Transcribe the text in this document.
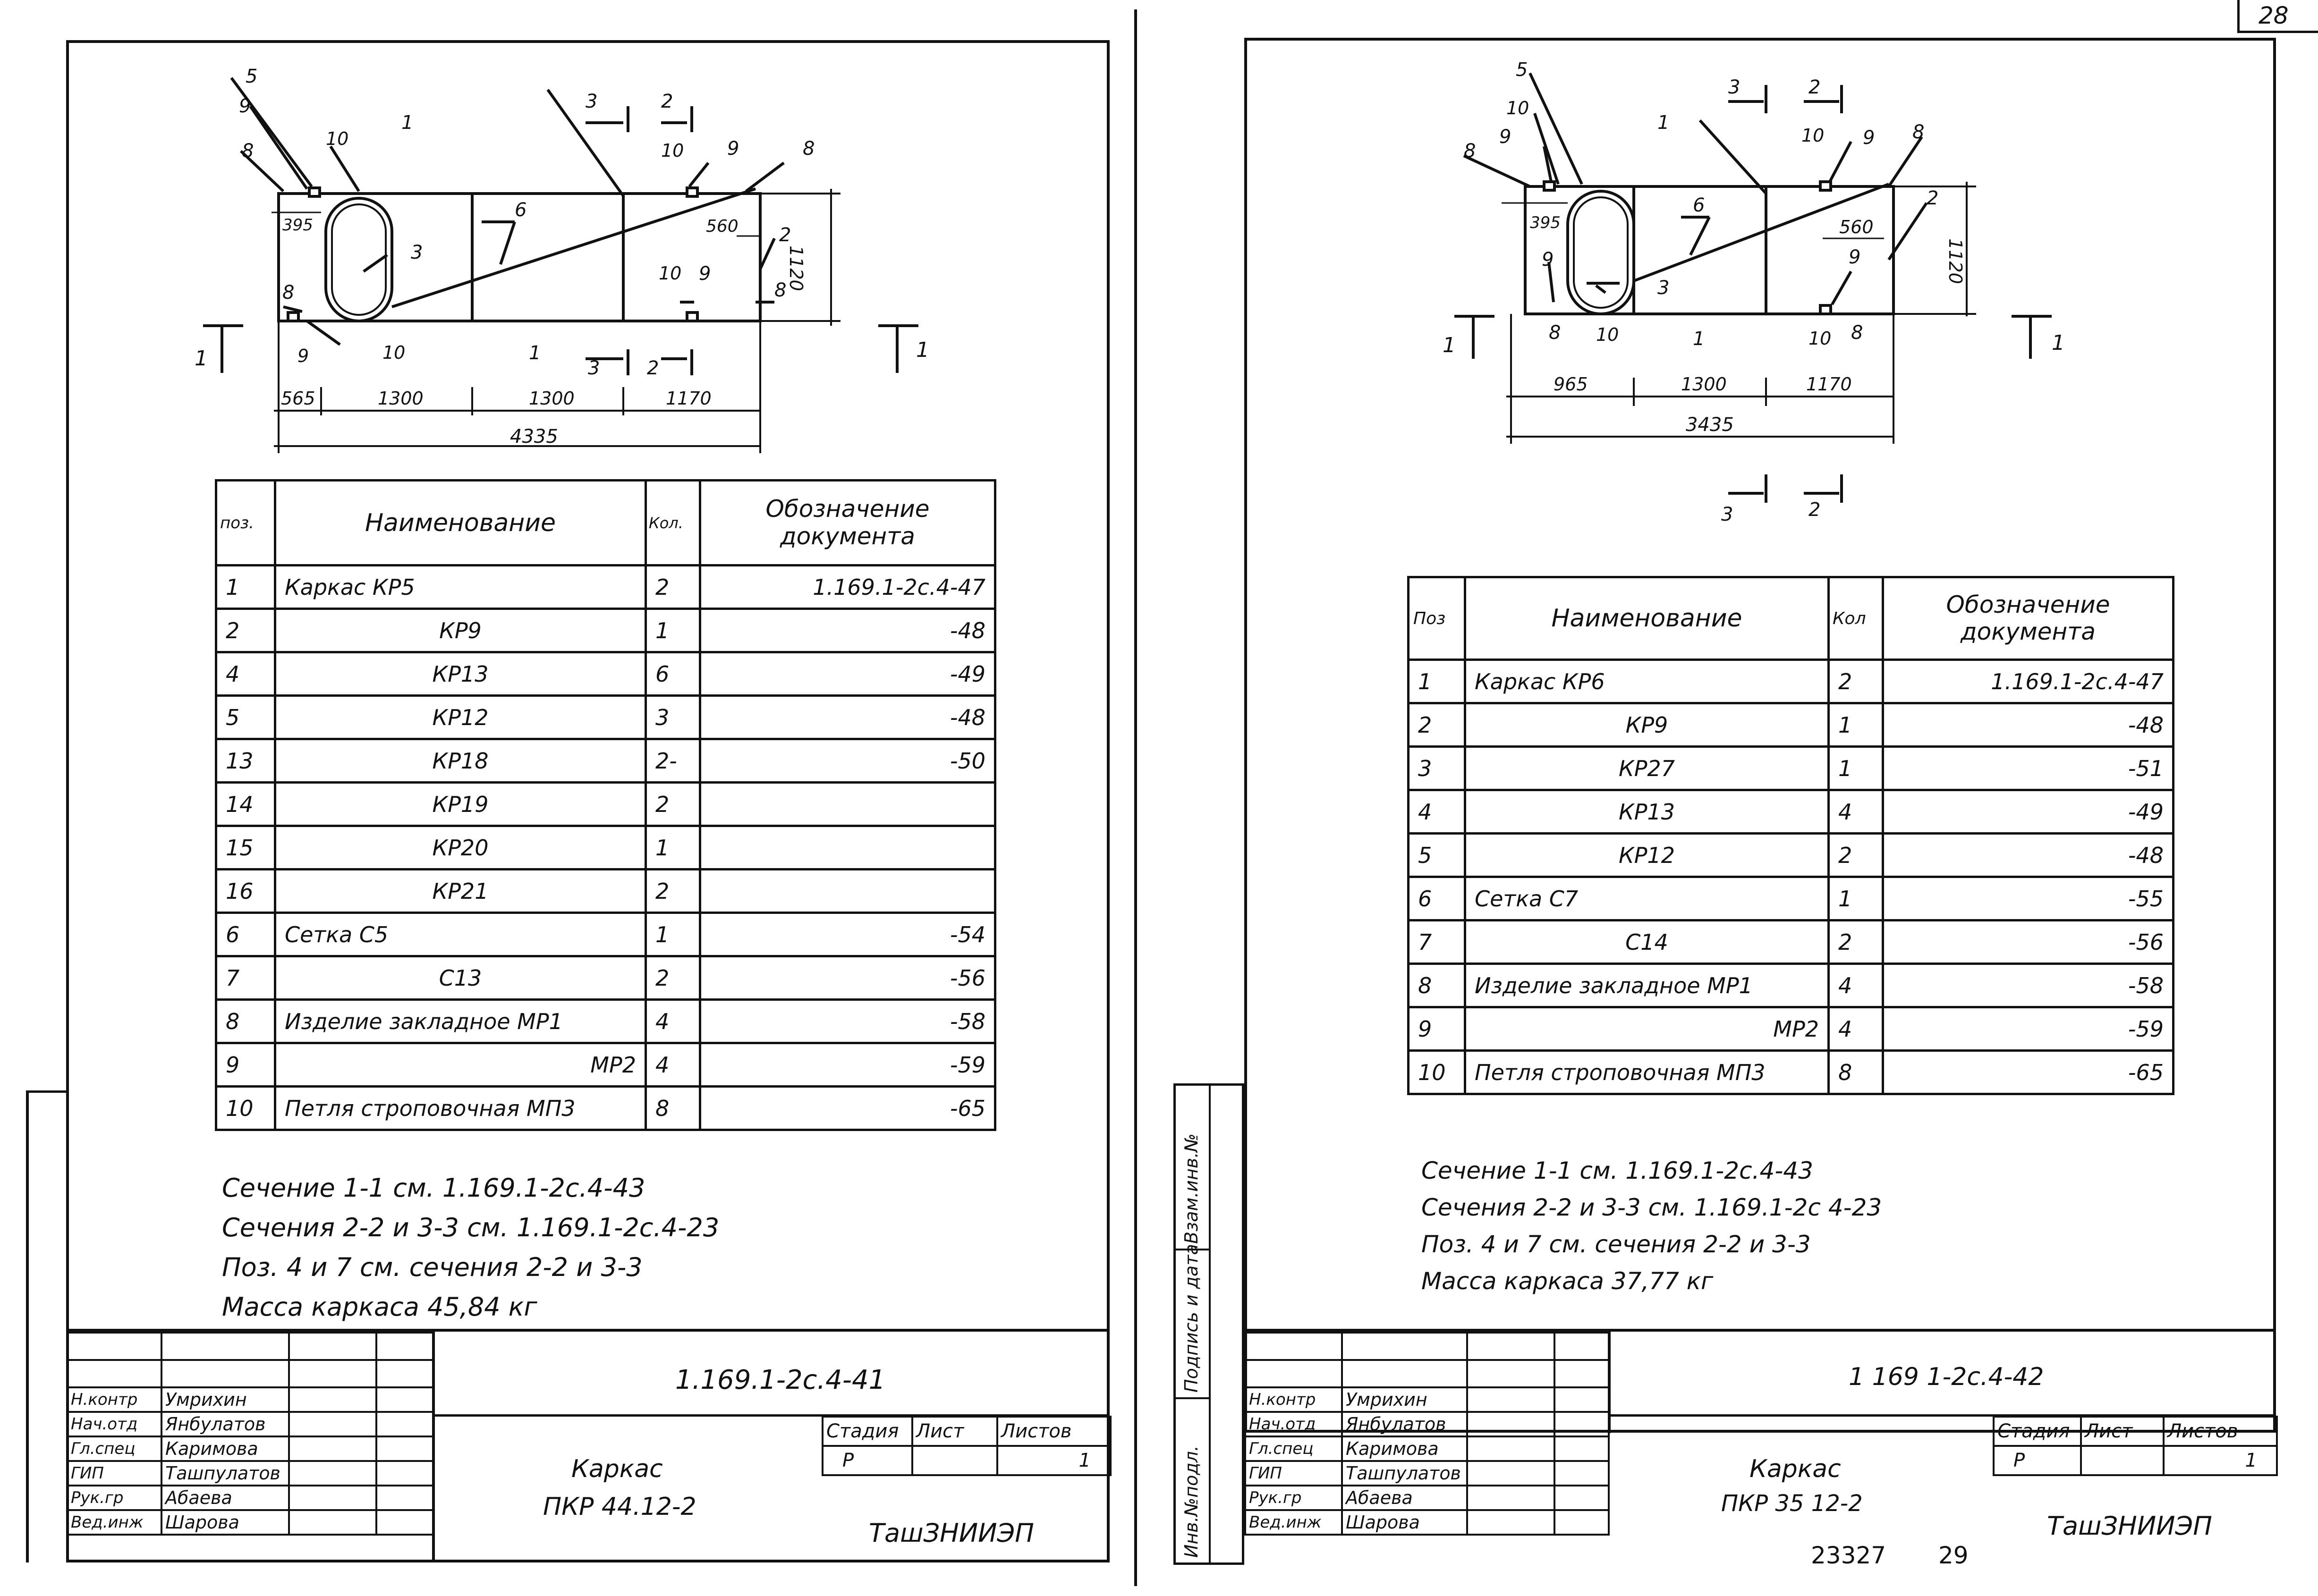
28
395	560
1120
565	1300	1300	1170
4335
5
9
8
10
1
3	2
10 9	8
3
6
2
10 9
8
8
9	10	1
3 2
1	1
поз.	Наименование	Кол.	Обозначение документа
1	Каркас КР5	2	1.169.1-2с.4-47
2	КР9	1	-48
4	КР13	6	-49
5	КР12	3	-48
13	КР18	2-	-50
14	КР19	2	
15	КР20	1	
16	КР21	2	
6	Сетка С5	1	-54
7	С13	2	-56
8	Изделие закладное МР1	4	-58
9	МР2	4	-59
10	Петля строповочная МП3	8	-65
Сечение 1-1 см. 1.169.1-2с.4-43
Сечения 2-2 и 3-3 см. 1.169.1-2с.4-23
Поз. 4 и 7 см. сечения 2-2 и 3-3
Масса каркаса 45,84 кг

Н.контр	Умрихин		
Нач.отд	Янбулатов		
Гл.спец	Каримова		
ГИП	Ташпулатов		
Рук.гр	Абаева		
Вед.инж	Шарова		
1.169.1-2с.4-41
Каркас
ПКР 44.12-2
Стадия	Лист	Листов
Р		1
ТашЗНИИЭП	Инв.№подл.
Подпись и дата
Взам.инв.№
395	560
1120
965	1300	1170
3435
5
10
9
8
1
3	2
10 9 8
6	2
3
9	9
8 10	1	10 8
1	1
3	2
Поз	Наименование	Кол	Обозначение документа
1	Каркас КР6	2	1.169.1-2с.4-47
2	КР9	1	-48
3	КР27	1	-51
4	КР13	4	-49
5	КР12	2	-48
6	Сетка С7	1	-55
7	С14	2	-56
8	Изделие закладное МР1	4	-58
9	МР2	4	-59
10	Петля строповочная МП3	8	-65
Сечение 1-1 см. 1.169.1-2с.4-43
Сечения 2-2 и 3-3 см. 1.169.1-2с 4-23
Поз. 4 и 7 см. сечения 2-2 и 3-3
Масса каркаса 37,77 кг

Н.контр	Умрихин		
Нач.отд	Янбулатов		
Гл.спец	Каримова		
ГИП	Ташпулатов		
Рук.гр	Абаева		
Вед.инж	Шарова		
1 169 1-2с.4-42
Каркас
ПКР 35 12-2
Стадия	Лист	Листов
Р		1
ТашЗНИИЭП
23327 29
